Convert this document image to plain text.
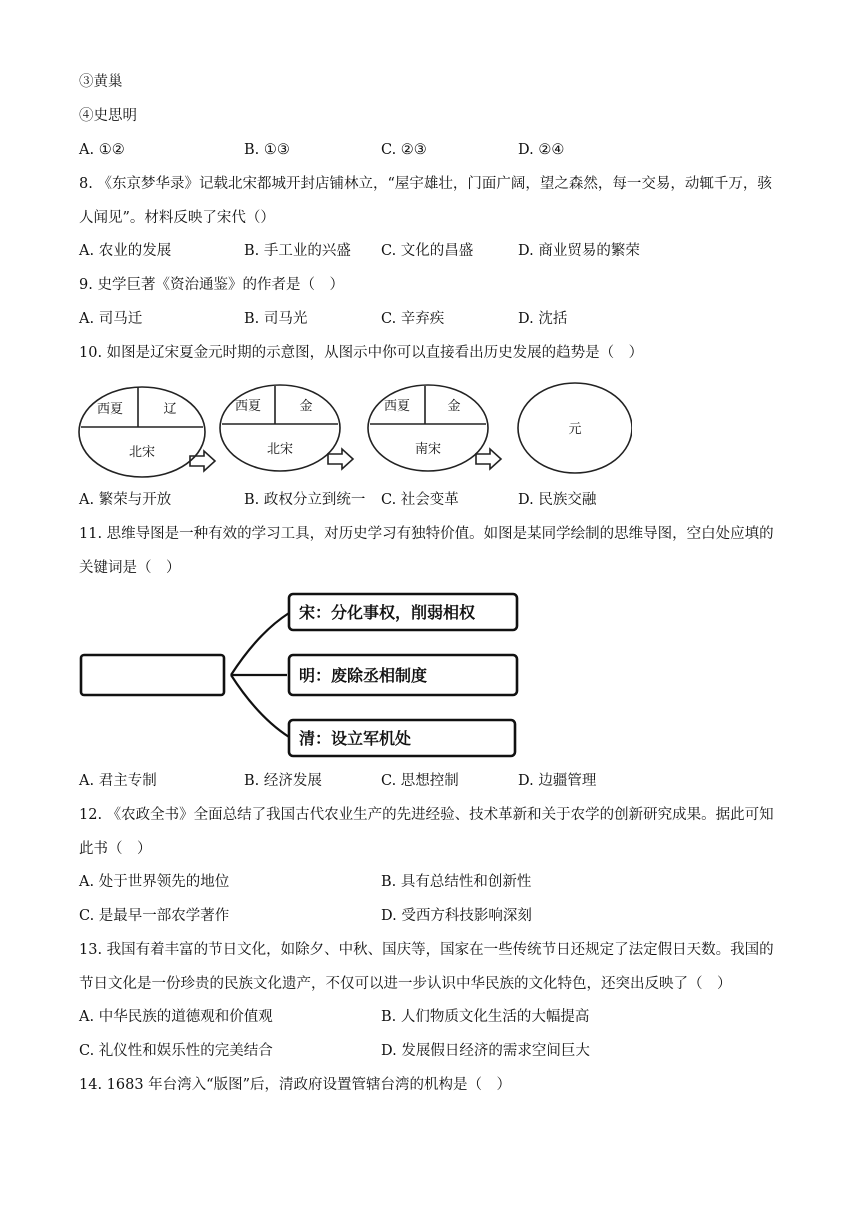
③黄巢
④史思明
A. ①②	B. ①③	C. ②③	D. ②④
8. 《东京梦华录》记载北宋都城开封店铺林立，“屋宇雄壮，门面广阔，望之森然，每一交易，动辄千万，骇人闻见”。材料反映了宋代（）
A. 农业的发展	B. 手工业的兴盛 C. 文化的昌盛	D. 商业贸易的繁荣
9. 史学巨著《资治通鉴》的作者是（　）
A. 司马迁	B. 司马光	C. 辛弃疾	D. 沈括
10. 如图是辽宋夏金元时期的示意图，从图示中你可以直接看出历史发展的趋势是（　）
西夏	辽
北宋
西夏	金
北宋
西夏	金
南宋
元
A. 繁荣与开放	B. 政权分立到统一 C. 社会变革	D. 民族交融
11. 思维导图是一种有效的学习工具，对历史学习有独特价值。如图是某同学绘制的思维导图，空白处应填的关键词是（　）
宋：分化事权，削弱相权
明：废除丞相制度
清：设立军机处
A. 君主专制	B. 经济发展	C. 思想控制	D. 边疆管理
12. 《农政全书》全面总结了我国古代农业生产的先进经验、技术革新和关于农学的创新研究成果。据此可知此书（　）
A. 处于世界领先的地位	B. 具有总结性和创新性
C. 是最早一部农学著作	D. 受西方科技影响深刻
13. 我国有着丰富的节日文化，如除夕、中秋、国庆等，国家在一些传统节日还规定了法定假日天数。我国的节日文化是一份珍贵的民族文化遗产，不仅可以进一步认识中华民族的文化特色，还突出反映了（　）
A. 中华民族的道德观和价值观	B. 人们物质文化生活的大幅提高
C. 礼仪性和娱乐性的完美结合	D. 发展假日经济的需求空间巨大
14. 1683 年台湾入“版图”后，清政府设置管辖台湾的机构是（　）
